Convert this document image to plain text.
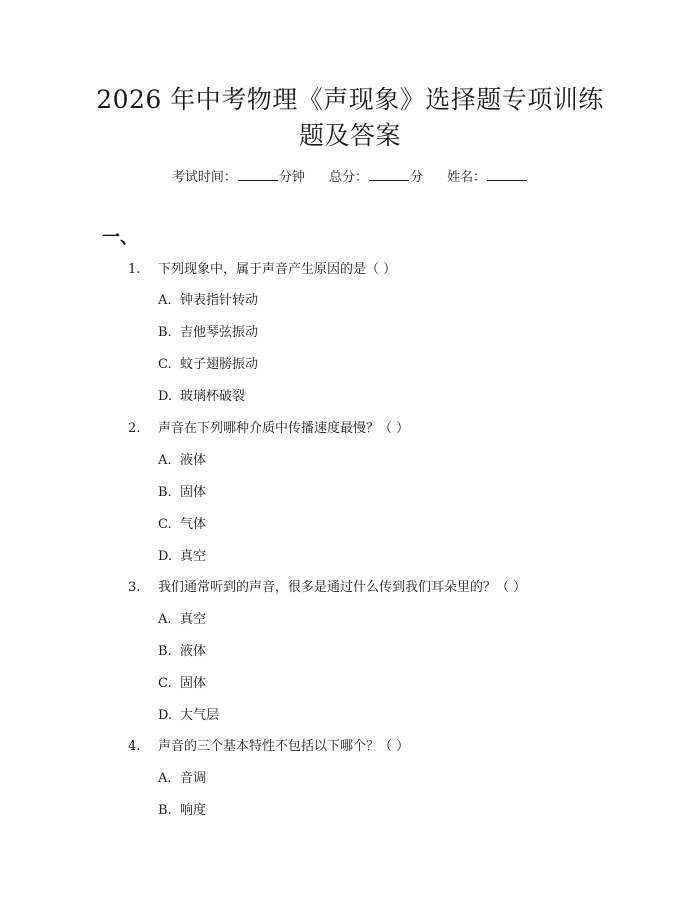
2026 年中考物理《声现象》选择题专项训练
题及答案
考试时间：	分钟 总分：	分 姓名：
一、
1. 下列现象中，属于声音产生原因的是（ ）
A. 钟表指针转动
B. 吉他琴弦振动
C. 蚊子翅膀振动
D. 玻璃杯破裂
2. 声音在下列哪种介质中传播速度最慢？（ ）
A. 液体
B. 固体
C. 气体
D. 真空
3. 我们通常听到的声音，很多是通过什么传到我们耳朵里的？（ ）
A. 真空
B. 液体
C. 固体
D. 大气层
4. 声音的三个基本特性不包括以下哪个？（ ）
A. 音调
B. 响度
